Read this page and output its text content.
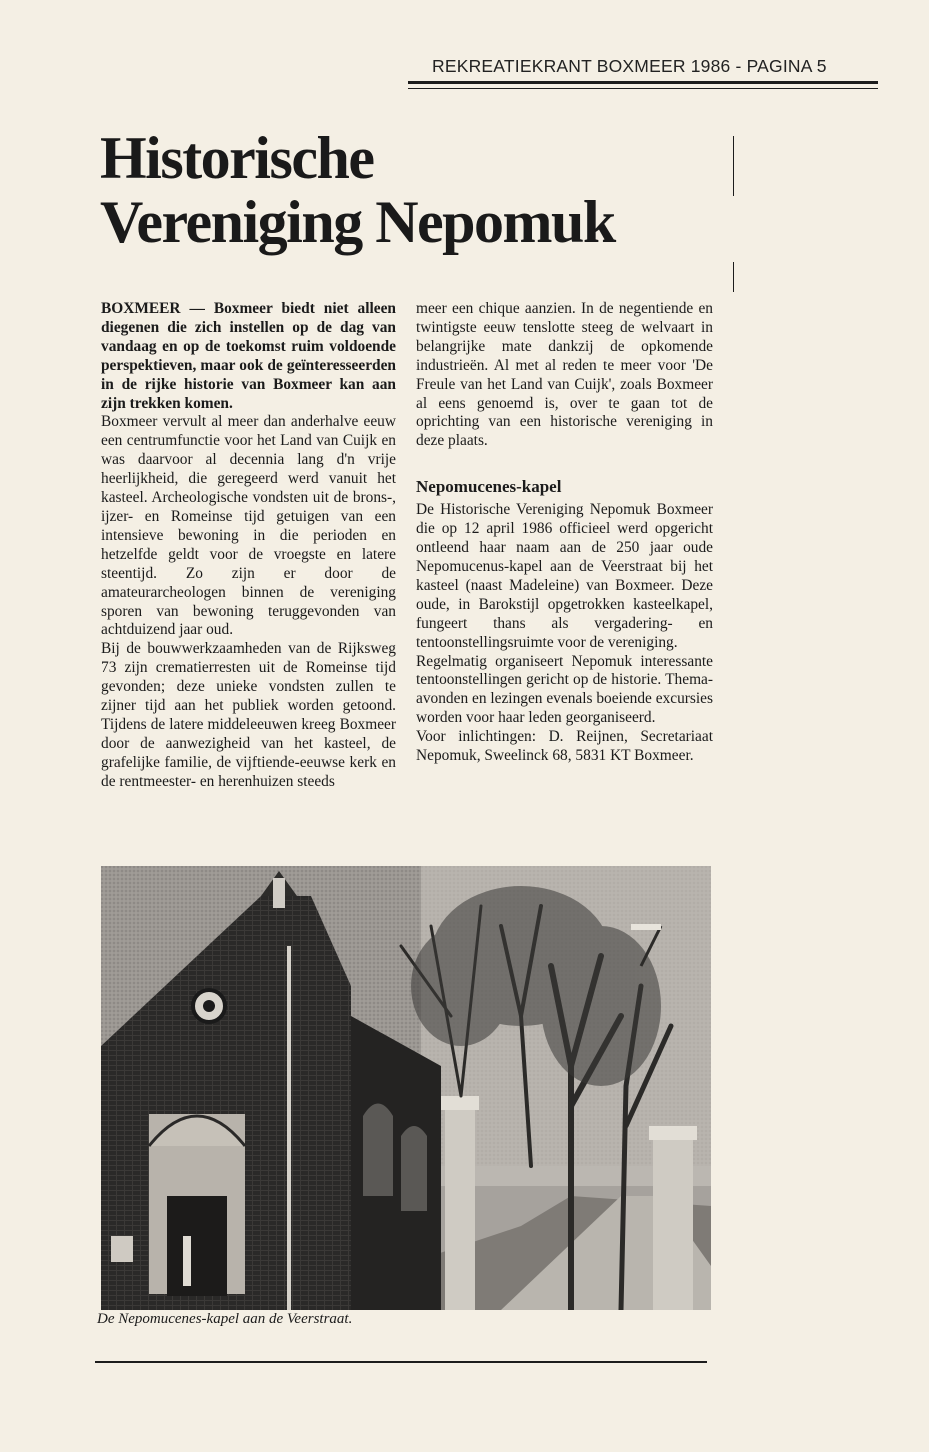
REKREATIEKRANT BOXMEER 1986 - PAGINA 5
Historische
Vereniging Nepomuk

BOXMEER — Boxmeer biedt niet alleen diegenen die zich instellen op de dag van vandaag en op de toekomst ruim voldoende perspektieven, maar ook de geïnteresseerden in de rijke historie van Boxmeer kan aan zijn trekken komen.

Boxmeer vervult al meer dan anderhalve eeuw een centrumfunctie voor het Land van Cuijk en was daarvoor al decennia lang d'n vrije heerlijkheid, die geregeerd werd vanuit het kasteel. Archeologische vondsten uit de brons-, ijzer- en Romeinse tijd getuigen van een intensieve bewoning in die perioden en hetzelfde geldt voor de vroegste en latere steentijd. Zo zijn er door de amateurarcheologen binnen de vereniging sporen van bewoning teruggevonden van achtduizend jaar oud.

Bij de bouwwerkzaamheden van de Rijksweg 73 zijn crematierresten uit de Romeinse tijd gevonden; deze unieke vondsten zullen te zijner tijd aan het publiek worden getoond. Tijdens de latere middeleeuwen kreeg Boxmeer door de aanwezigheid van het kasteel, de grafelijke familie, de vijftiende-eeuwse kerk en de rentmeester- en herenhuizen steeds

meer een chique aanzien. In de negentiende en twintigste eeuw tenslotte steeg de welvaart in belangrijke mate dankzij de opkomende industrieën. Al met al reden te meer voor 'De Freule van het Land van Cuijk', zoals Boxmeer al eens genoemd is, over te gaan tot de oprichting van een historische vereniging in deze plaats.

Nepomucenes-kapel

De Historische Vereniging Nepomuk Boxmeer die op 12 april 1986 officieel werd opgericht ontleend haar naam aan de 250 jaar oude Nepomucenus-kapel aan de Veerstraat bij het kasteel (naast Madeleine) van Boxmeer. Deze oude, in Barokstijl opgetrokken kasteelkapel, fungeert thans als vergadering- en tentoonstellingsruimte voor de vereniging.

Regelmatig organiseert Nepomuk interessante tentoonstellingen gericht op de historie. Thema-avonden en lezingen evenals boeiende excursies worden voor haar leden georganiseerd.

Voor inlichtingen: D. Reijnen, Secretariaat Nepomuk, Sweelinck 68, 5831 KT Boxmeer.

De Nepomucenes-kapel aan de Veerstraat.
